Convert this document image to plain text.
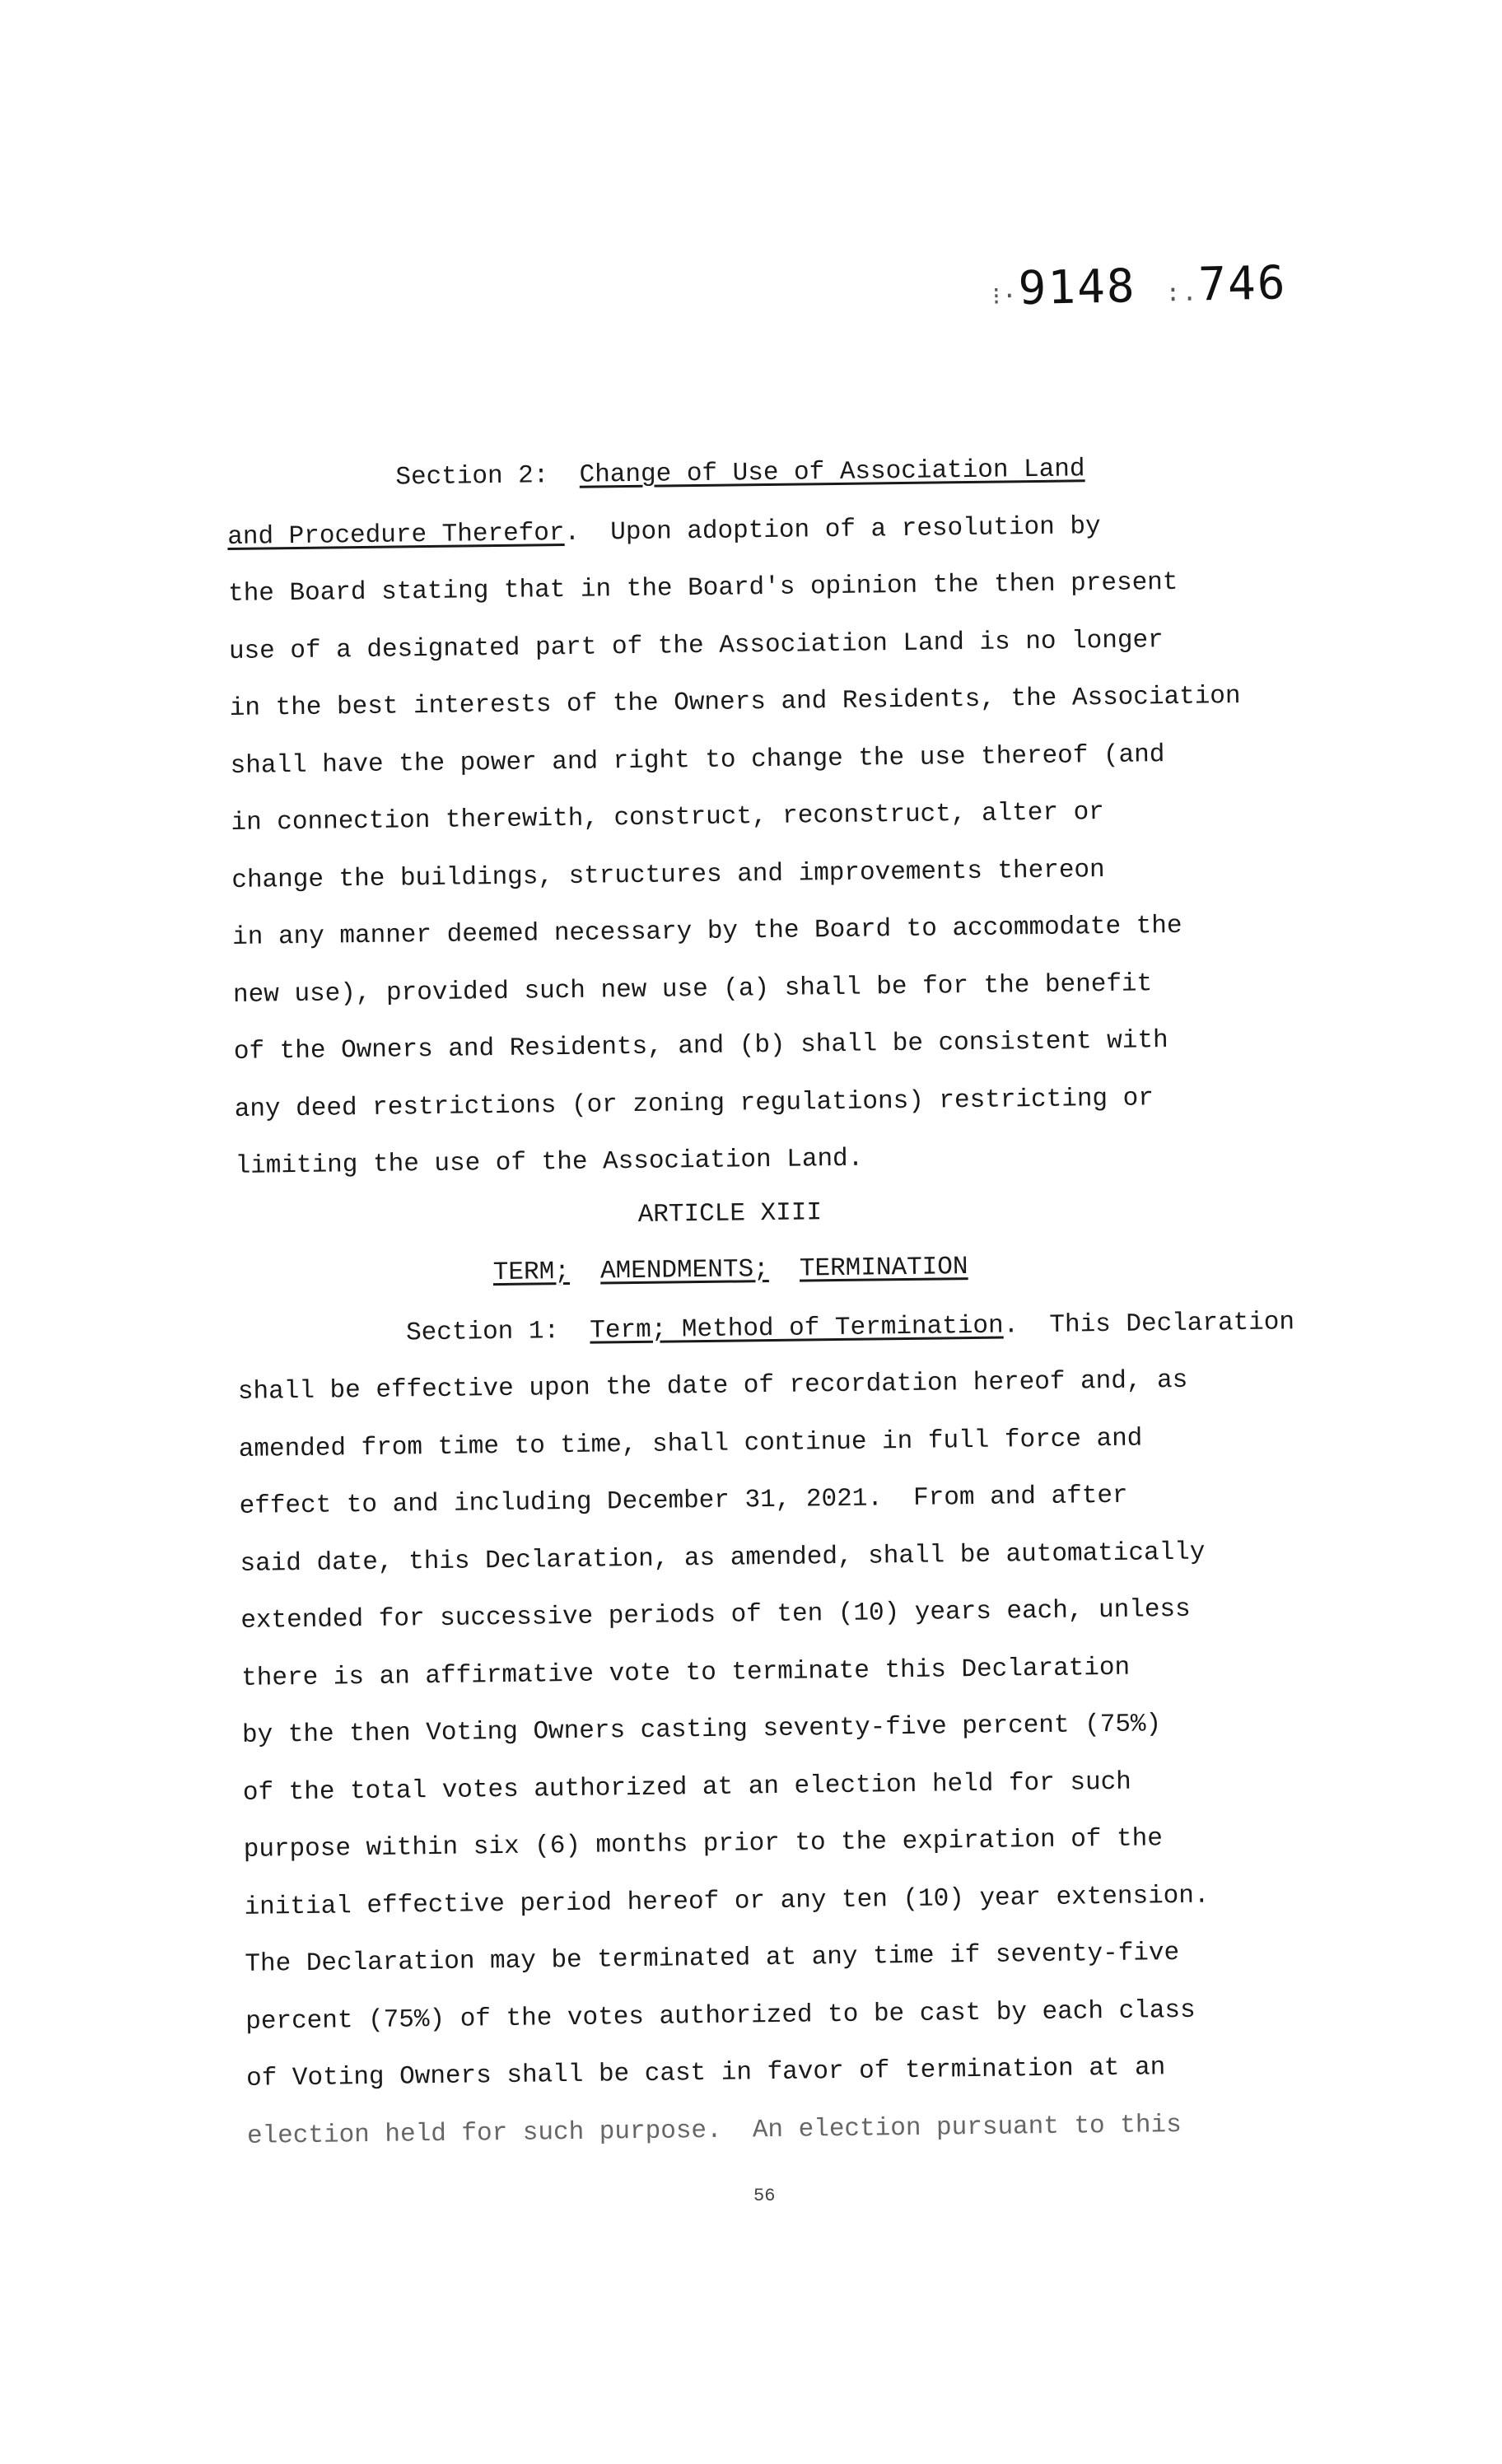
⁝·9148 :.746
Section 2: Change of Use of Association Land
and Procedure Therefor.  Upon adoption of a resolution by
the Board stating that in the Board's opinion the then present
use of a designated part of the Association Land is no longer
in the best interests of the Owners and Residents, the Association
shall have the power and right to change the use thereof (and
in connection therewith, construct, reconstruct, alter or
change the buildings, structures and improvements thereon
in any manner deemed necessary by the Board to accommodate the
new use), provided such new use (a) shall be for the benefit
of the Owners and Residents, and (b) shall be consistent with
any deed restrictions (or zoning regulations) restricting or
limiting the use of the Association Land.
ARTICLE XIII
TERM; AMENDMENTS; TERMINATION
Section 1: Term; Method of Termination.  This Declaration
shall be effective upon the date of recordation hereof and, as
amended from time to time, shall continue in full force and
effect to and including December 31, 2021.  From and after
said date, this Declaration, as amended, shall be automatically
extended for successive periods of ten (10) years each, unless
there is an affirmative vote to terminate this Declaration
by the then Voting Owners casting seventy-five percent (75%)
of the total votes authorized at an election held for such
purpose within six (6) months prior to the expiration of the
initial effective period hereof or any ten (10) year extension.
The Declaration may be terminated at any time if seventy-five
percent (75%) of the votes authorized to be cast by each class
of Voting Owners shall be cast in favor of termination at an
election held for such purpose.  An election pursuant to this
56
